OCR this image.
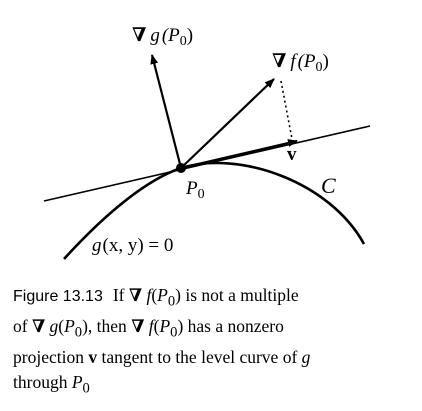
∇ g $(P_0)$
∇ f $(P_0)$
v
$P_0$	C
g(x, y) = 0
Figure 13.13 If ∇ $f(P_0)$ is not a multiple
of ∇ $g(P_0)$, then ∇ $f(P_0)$ has a nonzero
projection v tangent to the level curve of g
through $P_0$
